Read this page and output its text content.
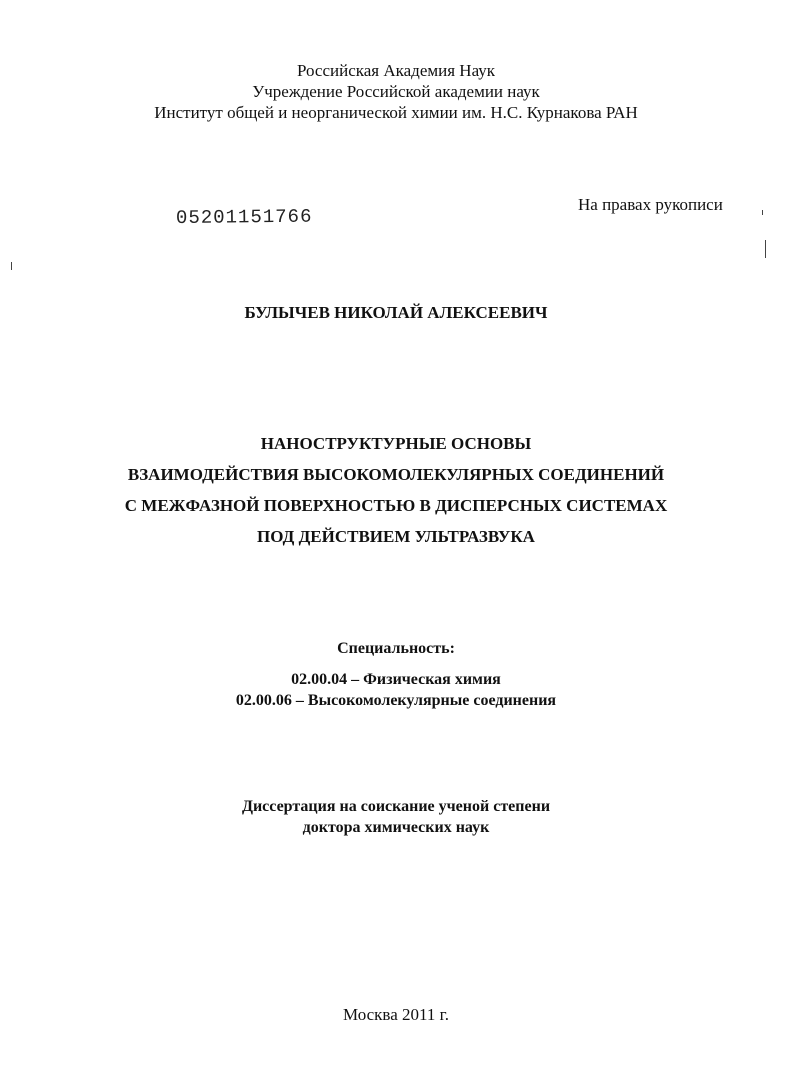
Российская Академия Наук
Учреждение Российской академии наук
Институт общей и неорганической химии им. Н.С. Курнакова РАН
05201151766
На правах рукописи
БУЛЫЧЕВ НИКОЛАЙ АЛЕКСЕЕВИЧ
НАНОСТРУКТУРНЫЕ ОСНОВЫ
ВЗАИМОДЕЙСТВИЯ ВЫСОКОМОЛЕКУЛЯРНЫХ СОЕДИНЕНИЙ
С МЕЖФАЗНОЙ ПОВЕРХНОСТЬЮ В ДИСПЕРСНЫХ СИСТЕМАХ
ПОД ДЕЙСТВИЕМ УЛЬТРАЗВУКА
Специальность:
02.00.04 – Физическая химия
02.00.06 – Высокомолекулярные соединения
Диссертация на соискание ученой степени
доктора химических наук
Москва 2011 г.
